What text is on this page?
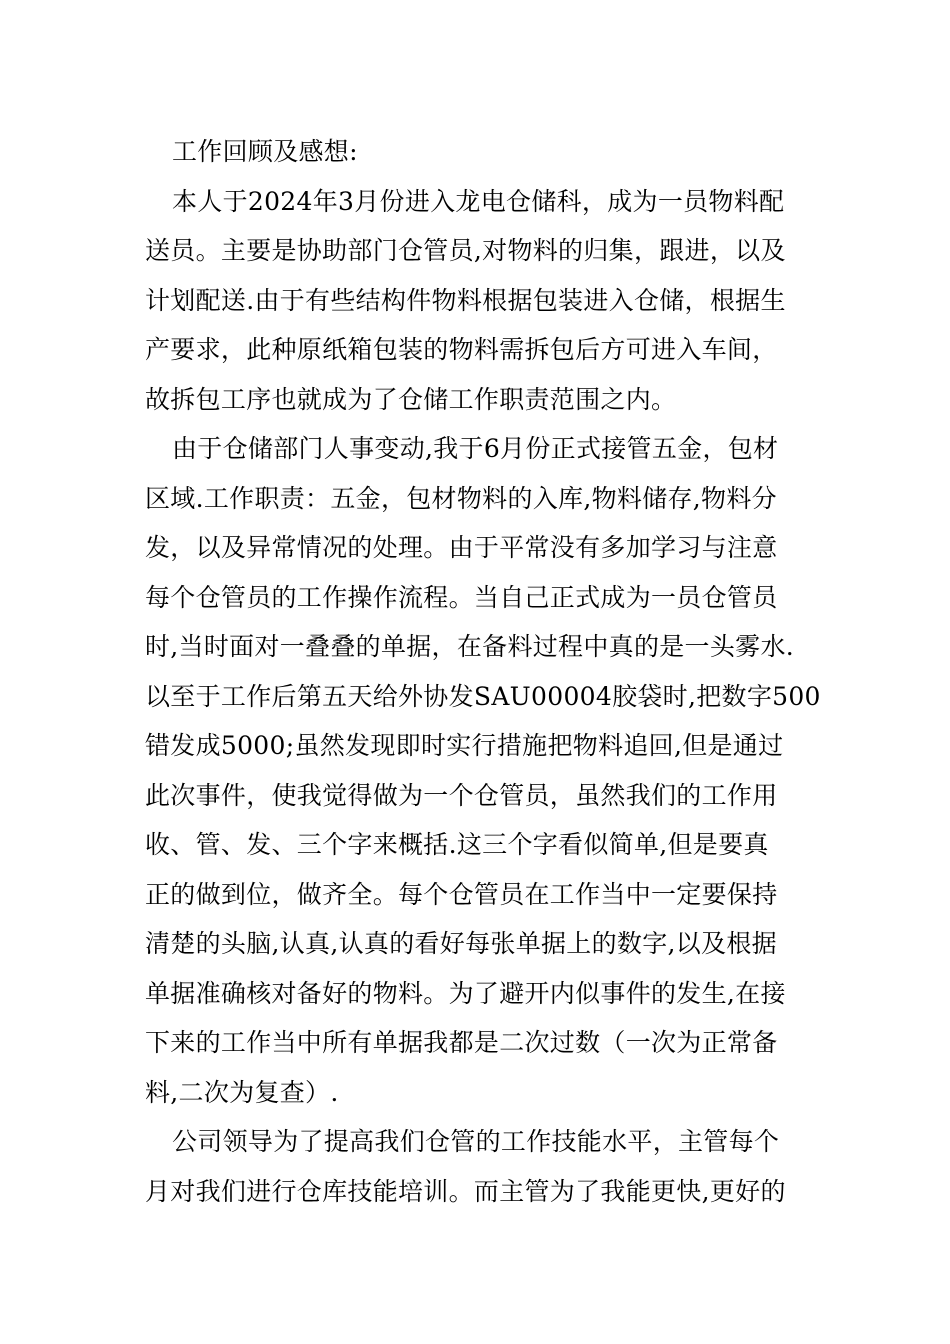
工作回顾及感想:
本人于2024年3月份进入龙电仓储科，成为一员物料配
送员。主要是协助部门仓管员,对物料的归集，跟进，以及
计划配送.由于有些结构件物料根据包装进入仓储，根据生
产要求，此种原纸箱包装的物料需拆包后方可进入车间，
故拆包工序也就成为了仓储工作职责范围之内。
由于仓储部门人事变动,我于6月份正式接管五金，包材
区域.工作职责：五金，包材物料的入库,物料储存,物料分
发，以及异常情况的处理。由于平常没有多加学习与注意
每个仓管员的工作操作流程。当自己正式成为一员仓管员
时,当时面对一叠叠的单据，在备料过程中真的是一头雾水.
以至于工作后第五天给外协发SAU00004胶袋时,把数字500
错发成5000;虽然发现即时实行措施把物料追回,但是通过
此次事件，使我觉得做为一个仓管员，虽然我们的工作用
收、管、发、三个字来概括.这三个字看似简单,但是要真
正的做到位，做齐全。每个仓管员在工作当中一定要保持
清楚的头脑,认真,认真的看好每张单据上的数字,以及根据
单据准确核对备好的物料。为了避开内似事件的发生,在接
下来的工作当中所有单据我都是二次过数（一次为正常备
料,二次为复查）.
公司领导为了提高我们仓管的工作技能水平，主管每个
月对我们进行仓库技能培训。而主管为了我能更快,更好的
